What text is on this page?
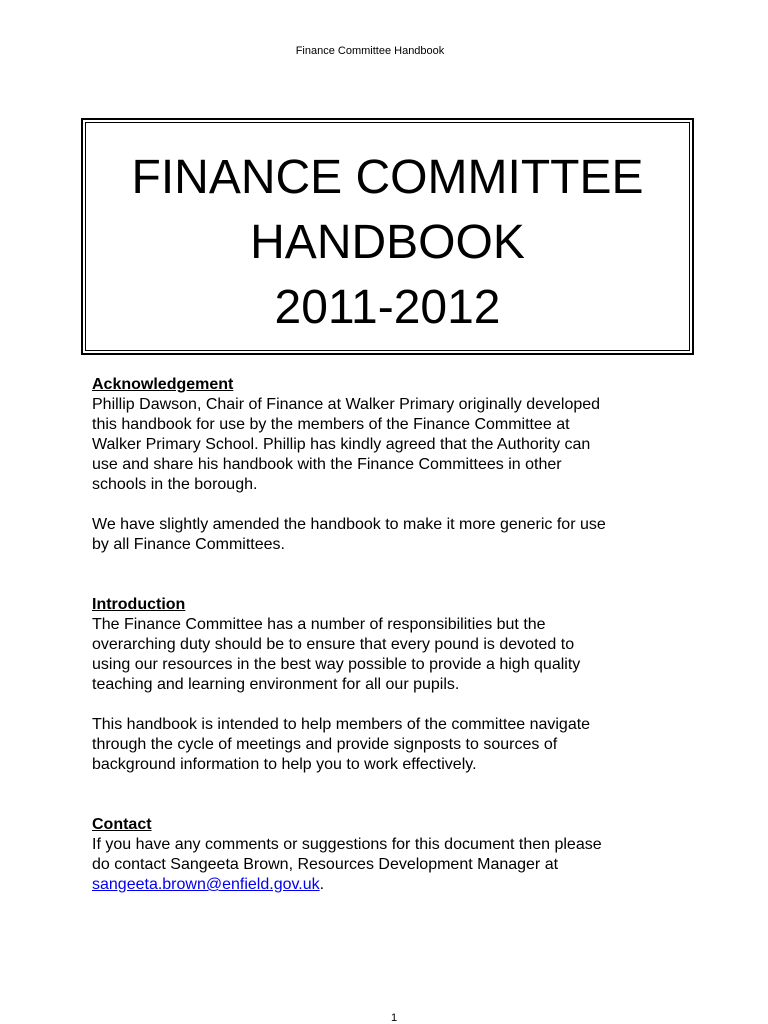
Finance Committee Handbook
FINANCE COMMITTEE
HANDBOOK
2011-2012
Acknowledgement
Phillip Dawson, Chair of Finance at Walker Primary originally developed
this handbook for use by the members of the Finance Committee at
Walker Primary School. Phillip has kindly agreed that the Authority can
use and share his handbook with the Finance Committees in other
schools in the borough.
We have slightly amended the handbook to make it more generic for use
by all Finance Committees.
Introduction
The Finance Committee has a number of responsibilities but the
overarching duty should be to ensure that every pound is devoted to
using our resources in the best way possible to provide a high quality
teaching and learning environment for all our pupils.
This handbook is intended to help members of the committee navigate
through the cycle of meetings and provide signposts to sources of
background information to help you to work effectively.
Contact
If you have any comments or suggestions for this document then please
do contact Sangeeta Brown, Resources Development Manager at
sangeeta.brown@enfield.gov.uk.
1
